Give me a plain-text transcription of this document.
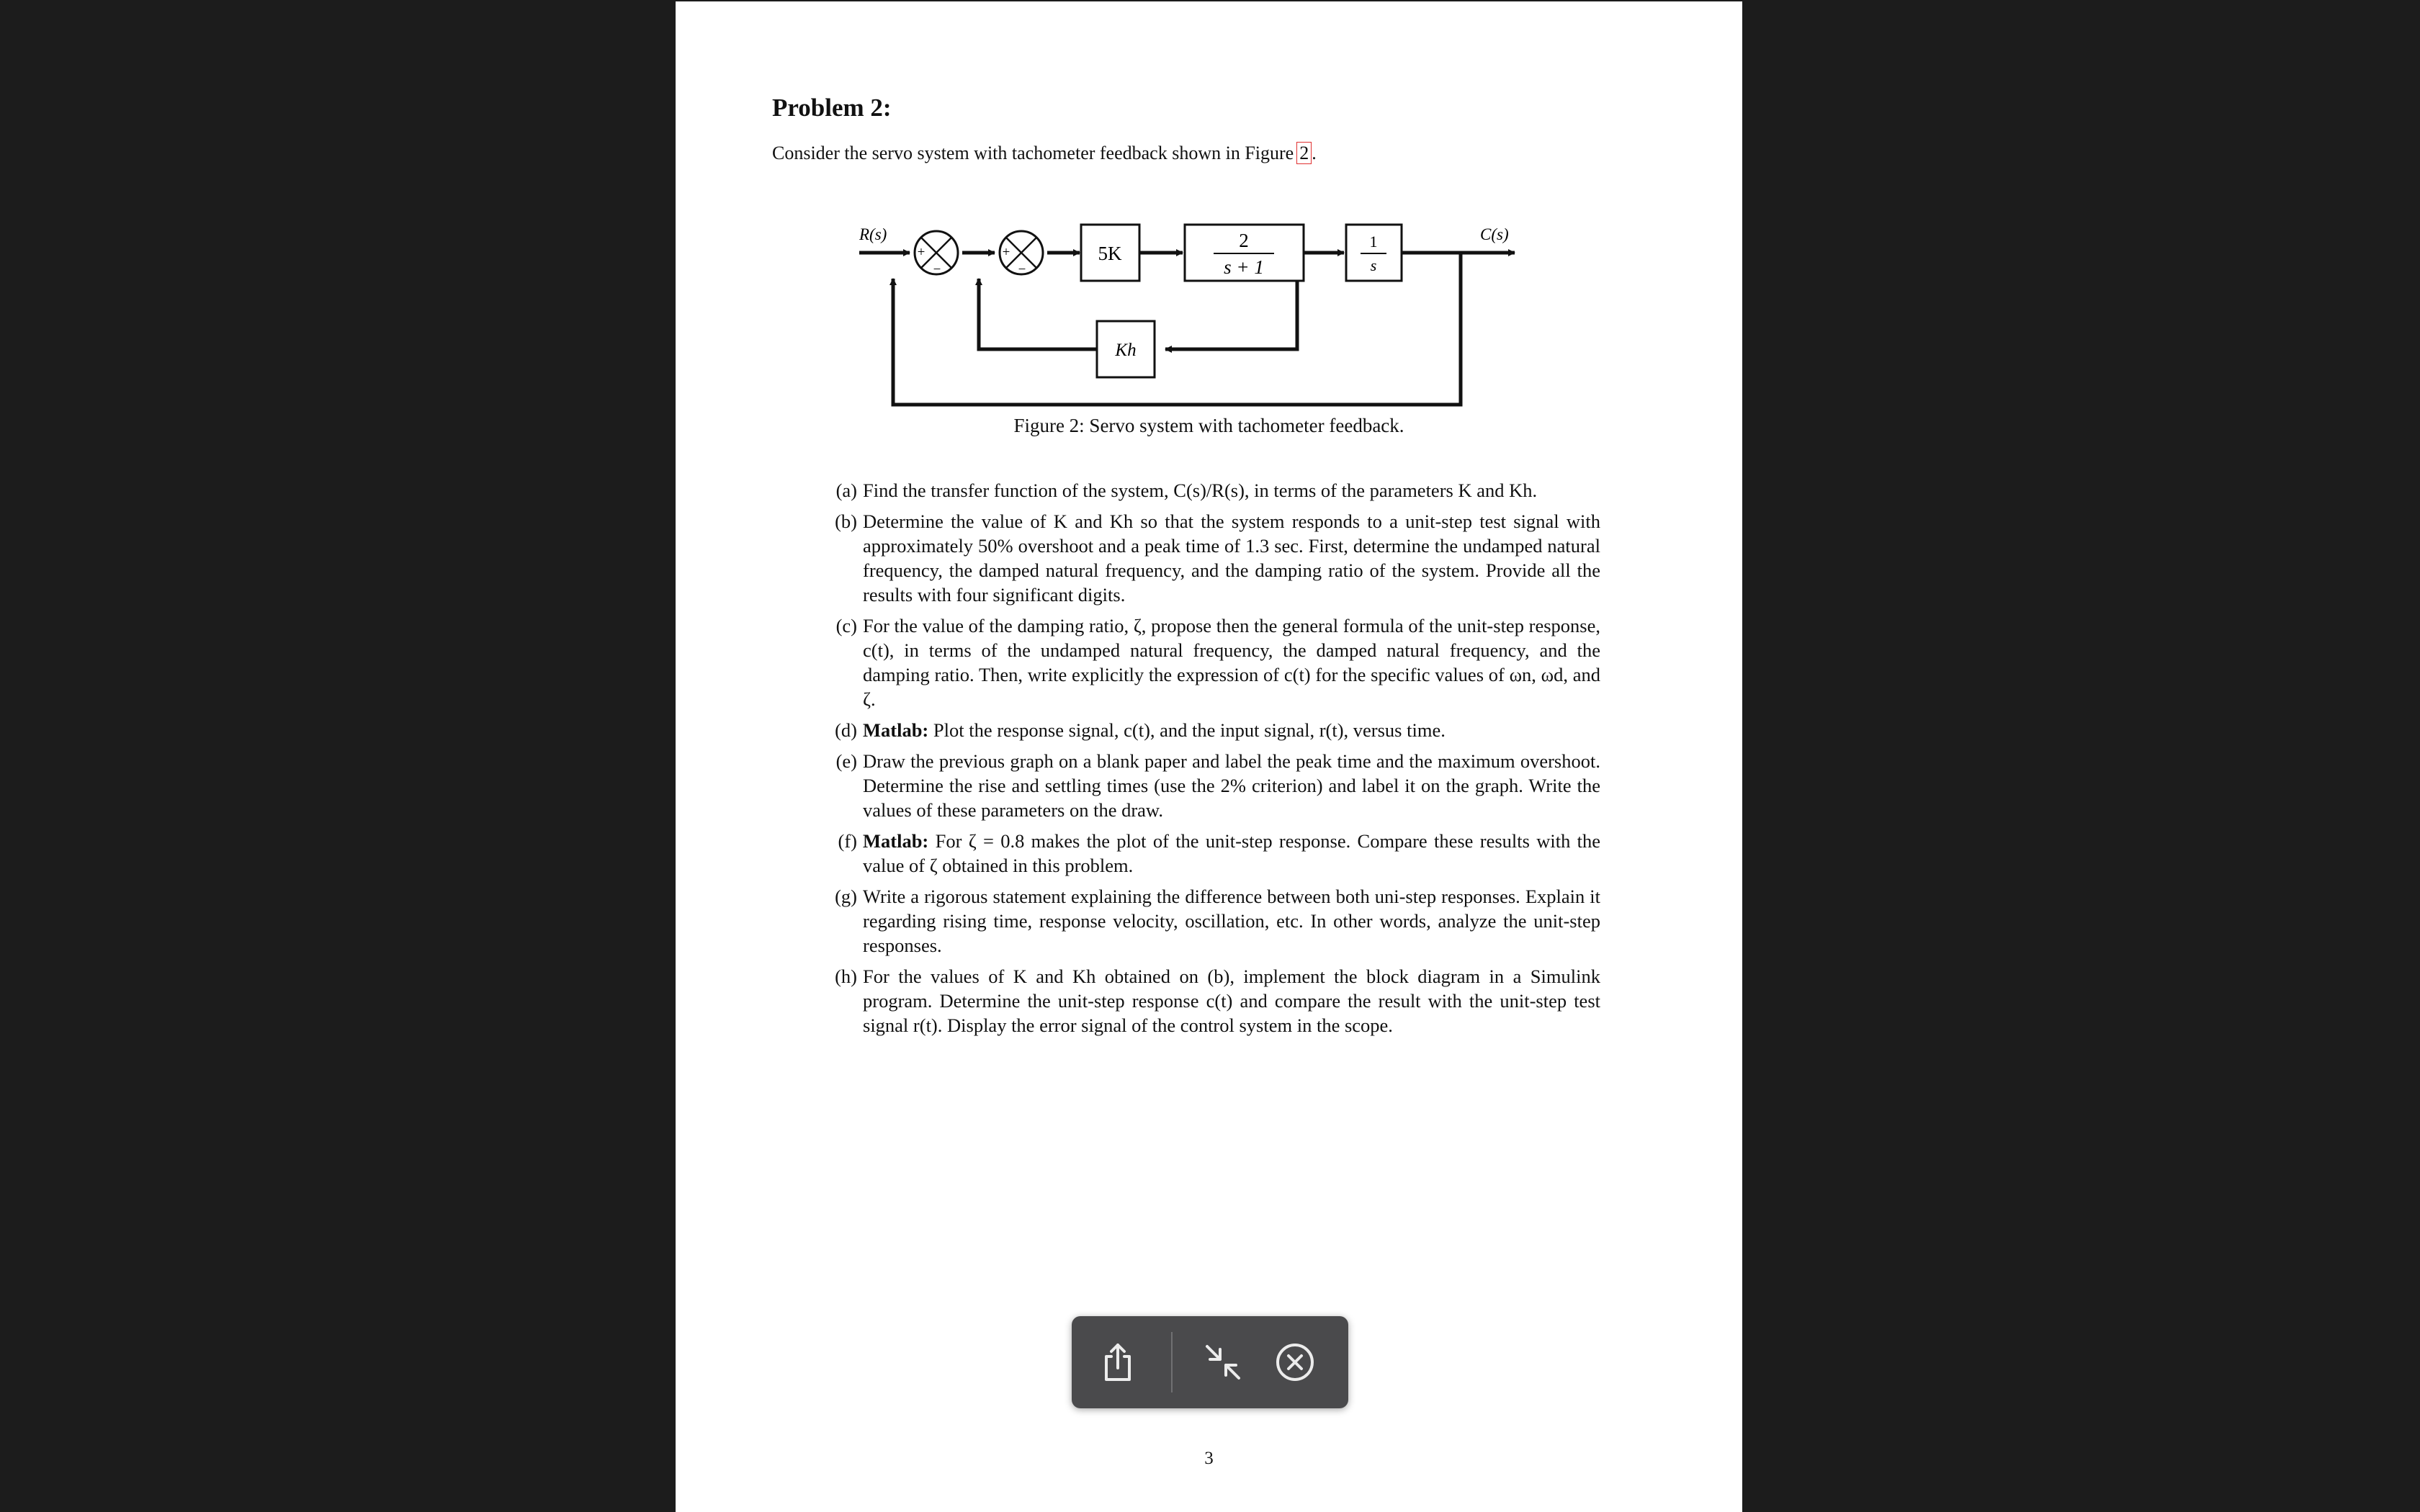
Problem 2:
Consider the servo system with tachometer feedback shown in Figure 2 .
+
−
+
−
5K
2
s + 1
1
s
Kh
R(s)	C(s)
Figure 2: Servo system with tachometer feedback.
(a) Find the transfer function of the system, C(s)/R(s), in terms of the parameters K and Kh.
(b) Determine the value of K and Kh so that the system responds to a unit-step test signal with approximately 50% overshoot and a peak time of 1.3 sec. First, determine the undamped natural frequency, the damped natural frequency, and the damping ratio of the system. Provide all the results with four significant digits.
(c) For the value of the damping ratio, ζ, propose then the general formula of the unit-step response, c(t), in terms of the undamped natural frequency, the damped natural frequency, and the damping ratio. Then, write explicitly the expression of c(t) for the specific values of ωn, ωd, and ζ.
(d) Matlab: Plot the response signal, c(t), and the input signal, r(t), versus time.
(e) Draw the previous graph on a blank paper and label the peak time and the maximum overshoot. Determine the rise and settling times (use the 2% criterion) and label it on the graph. Write the values of these parameters on the draw.
(f) Matlab: For ζ = 0.8 makes the plot of the unit-step response. Compare these results with the value of ζ obtained in this problem.
(g) Write a rigorous statement explaining the difference between both uni-step responses. Explain it regarding rising time, response velocity, oscillation, etc. In other words, analyze the unit-step responses.
(h) For the values of K and Kh obtained on (b), implement the block diagram in a Simulink program. Determine the unit-step response c(t) and compare the result with the unit-step test signal r(t). Display the error signal of the control system in the scope.
3
